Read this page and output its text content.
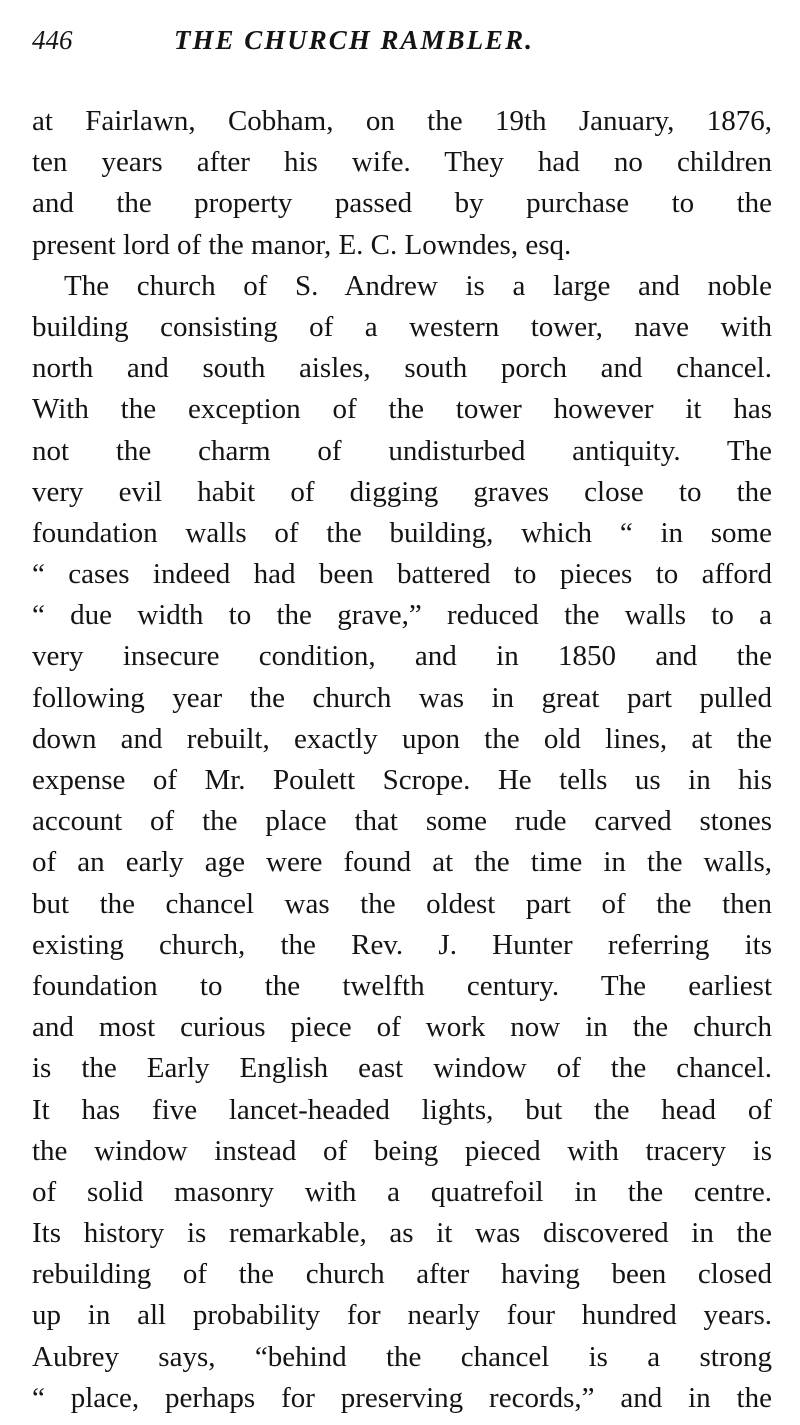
446	THE CHURCH RAMBLER.
at Fairlawn, Cobham, on the 19th January, 1876,
ten years after his wife. They had no children
and the property passed by purchase to the
present lord of the manor, E. C. Lowndes, esq.
The church of S. Andrew is a large and noble
building consisting of a western tower, nave with
north and south aisles, south porch and chancel.
With the exception of the tower however it has
not the charm of undisturbed antiquity. The
very evil habit of digging graves close to the
foundation walls of the building, which “ in some
“ cases indeed had been battered to pieces to afford
“ due width to the grave,” reduced the walls to a
very insecure condition, and in 1850 and the
following year the church was in great part pulled
down and rebuilt, exactly upon the old lines, at the
expense of Mr. Poulett Scrope. He tells us in his
account of the place that some rude carved stones
of an early age were found at the time in the walls,
but the chancel was the oldest part of the then
existing church, the Rev. J. Hunter referring its
foundation to the twelfth century. The earliest
and most curious piece of work now in the church
is the Early English east window of the chancel.
It has five lancet-headed lights, but the head of
the window instead of being pieced with tracery is
of solid masonry with a quatrefoil in the centre.
Its history is remarkable, as it was discovered in the
rebuilding of the church after having been closed
up in all probability for nearly four hundred years.
Aubrey says, “behind the chancel is a strong
“ place, perhaps for preserving records,” and in the
